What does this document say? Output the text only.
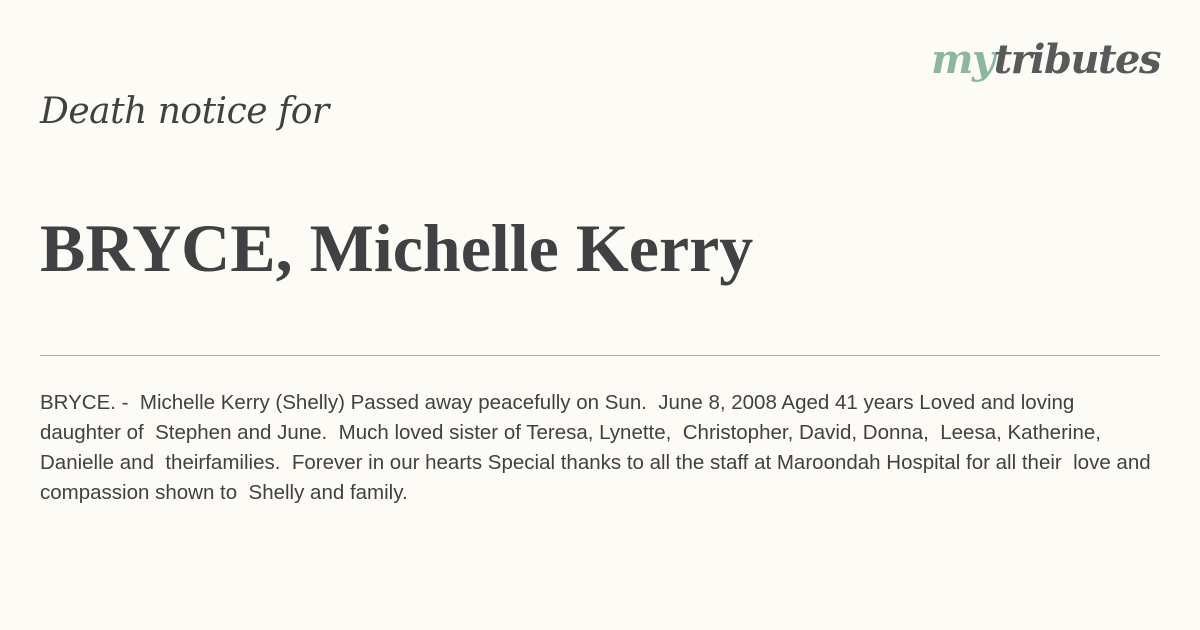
mytributes
Death notice for
BRYCE, Michelle Kerry

BRYCE. -  Michelle Kerry (Shelly) Passed away peacefully on Sun.  June 8, 2008 Aged 41 years Loved and loving daughter of  Stephen and June.  Much loved sister of Teresa, Lynette,  Christopher, David, Donna,  Leesa, Katherine, Danielle and  theirfamilies.  Forever in our hearts Special thanks to all the staff at Maroondah Hospital for all their  love and compassion shown to  Shelly and family.
